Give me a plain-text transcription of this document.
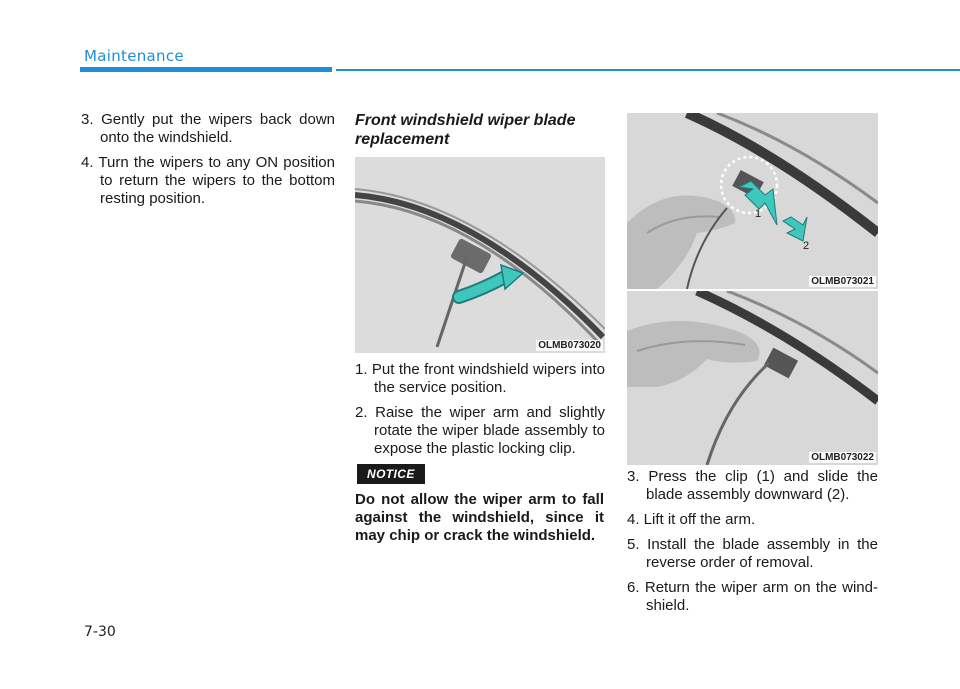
Maintenance
3. Gently put the wipers back down onto the windshield.
4. Turn the wipers to any ON position to return the wipers to the bottom resting position.
Front windshield wiper blade replacement
OLMB073020
1. Put the front windshield wipers into the service position.
2. Raise the wiper arm and slightly rotate the wiper blade assembly to expose the plastic locking clip.
NOTICE
Do not allow the wiper arm to fall against the windshield, since it may chip or crack the windshield.
1
2
OLMB073021
OLMB073022
3. Press the clip (1) and slide the blade assembly downward (2).
4. Lift it off the arm.
5. Install the blade assembly in the reverse order of removal.
6. Return the wiper arm on the wind- shield.
7-30
